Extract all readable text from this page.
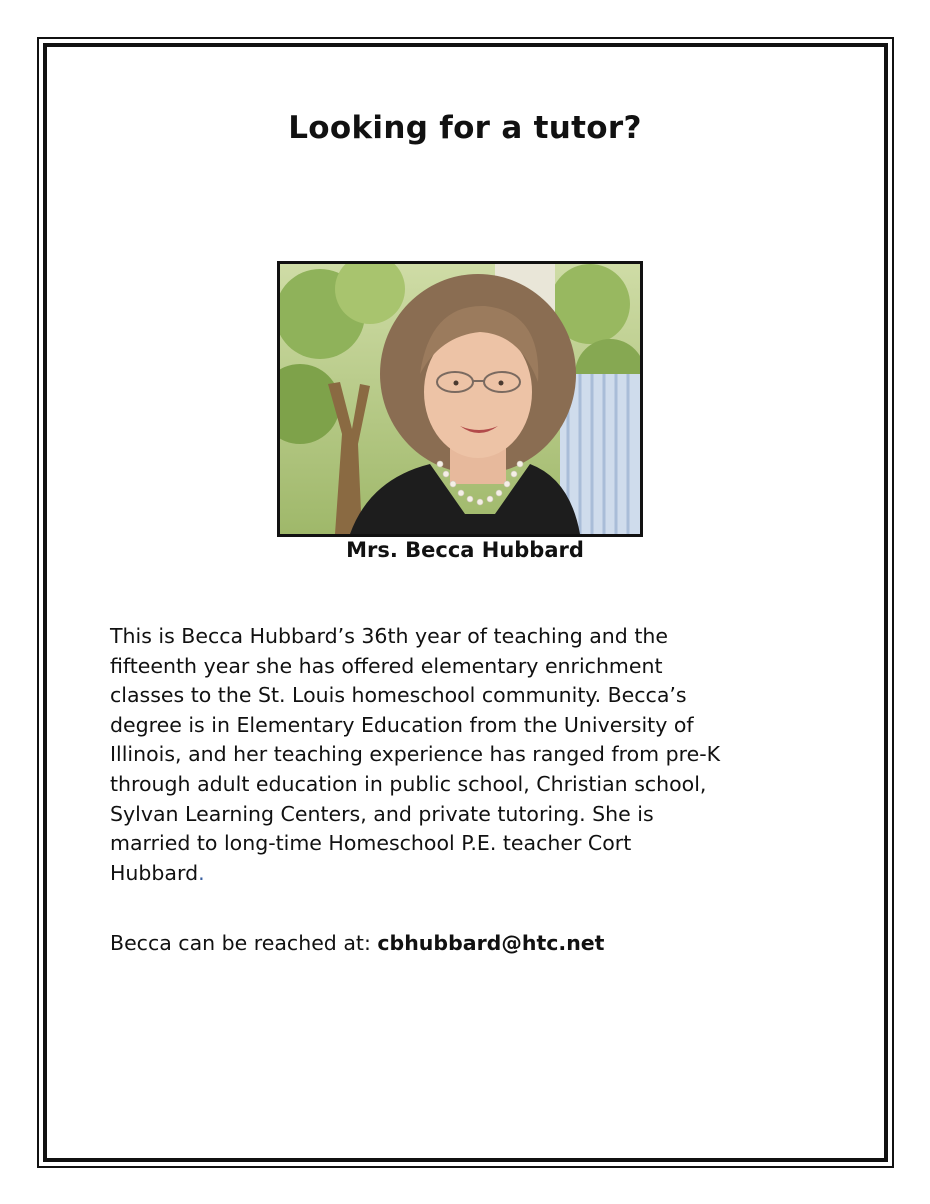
Looking for a tutor?
Mrs. Becca Hubbard

This is Becca Hubbard’s 36th year of teaching and the
fifteenth year she has offered elementary enrichment
classes to the St. Louis homeschool community. Becca’s
degree is in Elementary Education from the University of
Illinois, and her teaching experience has ranged from pre-K
through adult education in public school, Christian school,
Sylvan Learning Centers, and private tutoring. She is
married to long-time Homeschool P.E. teacher Cort
Hubbard.

Becca can be reached at: cbhubbard@htc.net
